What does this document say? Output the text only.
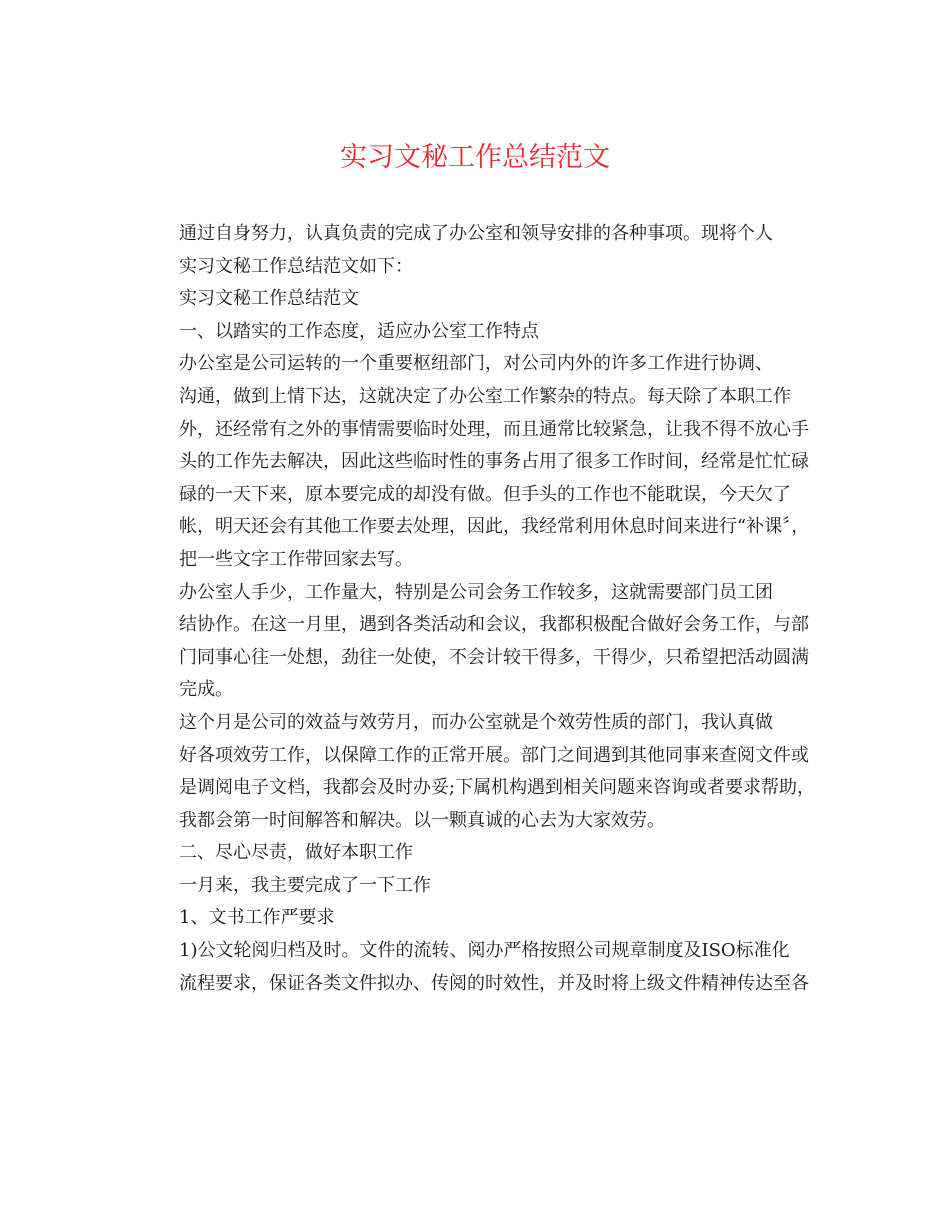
实习文秘工作总结范文

通过自身努力，认真负责的完成了办公室和领导安排的各种事项。现将个人
实习文秘工作总结范文如下：

实习文秘工作总结范文

一、以踏实的工作态度，适应办公室工作特点

办公室是公司运转的一个重要枢纽部门，对公司内外的许多工作进行协调、
沟通，做到上情下达，这就决定了办公室工作繁杂的特点。每天除了本职工作
外，还经常有之外的事情需要临时处理，而且通常比较紧急，让我不得不放心手
头的工作先去解决，因此这些临时性的事务占用了很多工作时间，经常是忙忙碌
碌的一天下来，原本要完成的却没有做。但手头的工作也不能耽误，今天欠了
帐，明天还会有其他工作要去处理，因此，我经常利用休息时间来进行“补课〞，
把一些文字工作带回家去写。

办公室人手少，工作量大，特别是公司会务工作较多，这就需要部门员工团
结协作。在这一月里，遇到各类活动和会议，我都积极配合做好会务工作，与部
门同事心往一处想，劲往一处使，不会计较干得多，干得少，只希望把活动圆满
完成。

这个月是公司的效益与效劳月，而办公室就是个效劳性质的部门，我认真做
好各项效劳工作，以保障工作的正常开展。部门之间遇到其他同事来查阅文件或
是调阅电子文档，我都会及时办妥;下属机构遇到相关问题来咨询或者要求帮助，
我都会第一时间解答和解决。以一颗真诚的心去为大家效劳。

二、尽心尽责，做好本职工作

一月来，我主要完成了一下工作

1、文书工作严要求

1)公文轮阅归档及时。文件的流转、阅办严格按照公司规章制度及ISO标准化
流程要求，保证各类文件拟办、传阅的时效性，并及时将上级文件精神传达至各
